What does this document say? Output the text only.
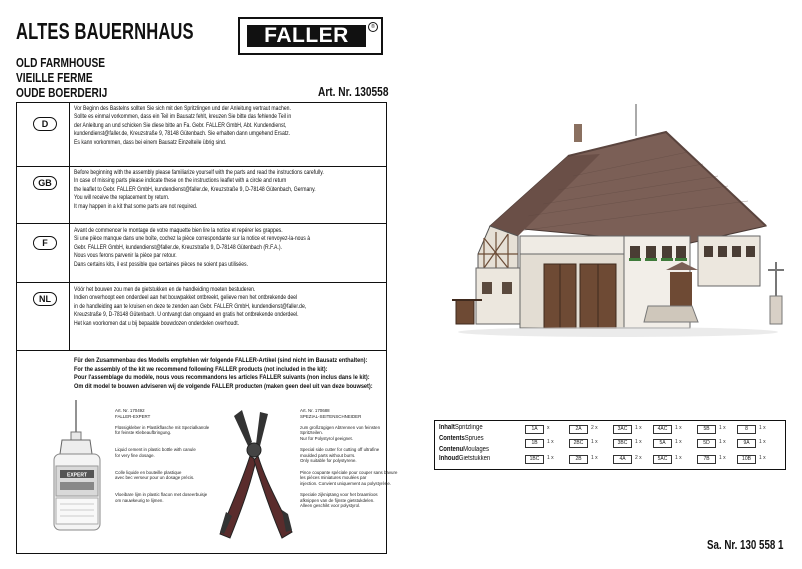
ALTES BAUERNHAUS
OLD FARMHOUSE
VIEILLE FERME
OUDE BOERDERIJ	Art. Nr. 130558
FALLER	®
D
GB
F
NL
Vor Beginn des Bastelns sollten Sie sich mit den Spritzlingen und der Anleitung vertraut machen.
Sollte es einmal vorkommen, dass ein Teil im Bausatz fehlt, kreuzen Sie bitte das fehlende Teil in
der Anleitung an und schicken Sie diese bitte an Fa. Gebr. FALLER GmbH, Abt. Kundendienst,
kundendienst@faller.de, Kreuzstraße 9, 78148 Gütenbach. Sie erhalten dann umgehend Ersatz.
Es kann vorkommen, dass bei einem Bausatz Einzelteile übrig sind.
Before beginning with the assembly please familiarize yourself with the parts and read the instructions carefully.
In case of missing parts please indicate these on the instructions leaflet with a circle and return
the leaflet to Gebr. FALLER GmbH, kundendienst@faller.de, Kreuzstraße 9, D-78148 Gütenbach, Germany.
You will receive the replacement by return.
It may happen in a kit that some parts are not required.
Avant de commencer le montage de votre maquette bien lire la notice et repérer les grappes.
Si une pièce manque dans une boîte, cochez la pièce correspondante sur la notice et renvoyez-la-nous à
Gebr. FALLER GmbH, kundendienst@faller.de, Kreuzstraße 9, D-78148 Gütenbach (R.F.A.).
Nous vous ferons parvenir la pièce par retour.
Dans certains kits, il est possible que certaines pièces ne soient pas utilisées.
Vóór het bouwen zou men de gietstukken en de handleiding moeten bestuderen.
Indien onverhoopt een onderdeel aan het bouwpakket ontbreekt, gelieve men het ontbrekende deel
in de handleiding aan te kruisen en deze te zenden aan Gebr. FALLER GmbH, kundendienst@faller.de,
Kreuzstraße 9, D-78148 Gütenbach. U ontvangt dan omgaand en gratis het ontbrekende onderdeel.
Het kan voorkomen dat u bij bepaalde bouwdozen onderdelen overhoudt.
Für den Zusammenbau des Modells empfehlen wir folgende FALLER-Artikel (sind nicht im Bausatz enthalten):
For the assembly of the kit we recommend following FALLER products (not included in the kit):
Pour l'assemblage du modèle, nous vous recommandons les articles FALLER suivants (non inclus dans le kit):
Om dit model te bouwen adviseren wij de volgende FALLER producten (maken geen deel uit van deze bouwset):
EXPERT
Art. Nr. 170492
FALLER-EXPERT
Flüssigkleber in Plastikflasche mit Spezialkanüle
für feinste Klebeaufbringung.
Liquid cement in plastic bottle with canule
for very fine dosage.
Colle liquide en bouteille plastique
avec bec verseur pour un dosage précis.
Vloeibare lijm in plastic flacon met doseerbuisje
om nauwkeurig te lijmen.
Art. Nr. 170688
SPEZIAL-SEITENSCHNEIDER
zum großzügigen Abtrennen von feinsten
Spritzteilen.
Nur für Polystyrol geeignet.
Special side cutter for cutting off ultrafine
moulded parts without burrs.
Only suitable for polystyrene.
Pince coupante spéciale pour couper sans bavure
les pièces miniatures moulées par
injection. Convient uniquement au polystyrène.
Speciale zijkniptang voor het braamloos
afknippen van de fijnste gietstukdelen.
Alleen geschikt voor polystyrol.
InhaltSpritzlinge
ContentsSprues
ContenuMoulages
InhoudGietstukken
1A	x	2A	2 x	3AC	1 x	4AC	1 x	5B	1 x	8	1 x
1B	1 x	2BC	1 x	3BC	1 x	5A	1 x	5D	1 x	9A	1 x
1BC	1 x	2B	1 x	4A	2 x	5AC	1 x	7B	1 x	10B	1 x
Sa. Nr. 130 558 1
